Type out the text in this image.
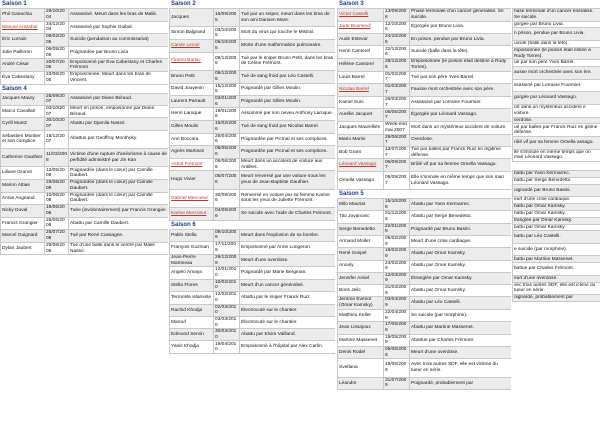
Saison 1
Phil Ganachia	28/10/2004	Assassiné. Meurt dans les bras de Malik.
Manuel Aristabal	24/12/2004	Assassiné par Sophie Guibal
Éric Lorrain	06/02/2005	Suicide (pendaison au commissariat)
Julie Pailleron	06/05/2005	Poignardée par Bruno Livia
André César	20/07/2005	Empoisonné par Éva Cabestany et Charles Frémont
Éva Cabestany	23/08/2005	Empoisonnée. Meurt dans les bras de Vincent.
Saison 4
Jacques Maury	26/09/2007	Assassiné par Diane Béraud.
Marco Cavallari	03/10/2007	Meurt en prison, empoisonné par Diane Béraud.
Cyrill Muntz	30/10/2007	Abattu par Djamila Nassri.
Sébastien Montier et son complice	18/12/2007	Abattus par Geoffroy Monthoky.
Catherine Gauthier	11/03/2008	Victime d'une rupture d'anévrisme à cause de perfidité administré par Jin Kan
Liliane Granot	12/05/2008	Poignardée (dans le cœur) par Camille Daubert.
Marion Attias	29/05/2008	Poignardée (dans le cœur) par Camille Daubert.
Annie Angeaud	10/06/2008	Poignardée (dans le cœur) par Camille Daubert.
Nicky Duval	18/06/2008	Tuée (involontairement) par Francis Grangier.
Francis Grangier	26/06/2008	Abattu par Camille Daubert.
Marcel Guignard	25/07/2008	Tué par René Cassagne.
Dylan Jaubert	29/08/2008	Tué d'une balle dans le ventre par Malik Nassri.
Saison 2
Jacques	16/09/2005	Tué par un sniper, meurt dans les bras de son ami Damien Mare.
Simon Balgrand	03/10/2005	Mort du virus qui touche le Mistral.
Carole Lenoir	06/10/2005	Morte d'une malformation pulmonaire.
Florent Barlac	09/12/2005	Tué par le sniper Bruno Petit, dans les bras de Céline Frémont.
Bruno Petit	09/12/2005	Tué de sang froid par Léo Castelli.
David Jouvenin	15/12/2005	Poignardé par Gilles Moulin.
Laurent Parrault	03/01/2006	Poignardé par Gilles Moulin.
Henri Laroque	19/01/2006	Assommé par son neveu Anthony Laroque.
Gilles Moulin	15/02/2006	Tué de sang froid par Nicolas Barrel.
Ann Boccara	28/04/2006	Poignardée par Picmal et ses complices.
Agnès Martinez	05/05/2006	Poignardée par Picmal et ses complices.
Astrid Frémont	06/06/2006	Meurt dans un accident de voiture aux Antilles.
Hugo Vivier	05/07/2006	Meurt renversé par une voiture sous les yeux de Jean-Baptiste Gauthier.
Gabriel Mercoeur	30/08/2006	Renversé en voiture par sa femme Karine sous les yeux de Juliette Frémont
Karine Mercoeur	04/09/2006	Se suicide avec l'aide de Charles Frémont.
Saison 6
Pablo Stella	09/10/2009	Meurt dans l'explosion de sa bombe.
François Guzman	17/11/2009	Empoisonné par Anne Longeron.
Jean-Pierre Martineau	29/12/2009	Meurt d'une overdose.
Angelo Amaya	12/01/2010	Poignardé par Marie Bergman.
Stella Flores	10/02/2010	Meurt d'un cancer généralisé.
Terroriste islamiste	12/02/2010	Abattu par le sniper Franck Ruiz.
Rachid Khodja	02/03/2010	Électrocuté sur le chantier.
Marouf	03/03/2010	Électrocuté sur le chantier.
Edmond Servin	30/03/2010	Abattu par Elvire Vailland.
Yanis Khodja	19/04/2010	Empoisonné à l'hôpital par Alex Carlin.
Saison 3
Victor Castelli	13/09/2006	Phase terminale d'un cancer généralisé. Se suicide.
Jade Bourseuil	12/10/2006	Égorgée par Bruno Livia.
Aude Estevar	24/10/2006	En prison, pendue par Bruno Livia.
Henri Cantorel	22/12/2006	Suicide (balle dans la tête).
Hélène Cantorel	28/12/2006	Empoisonnée (le poison était destiné à Rudy Torres).
Louis Barrel	01/02/2007	Tué par son père Yves Barrel.
Nicolas Barrel	01/03/2007	Fausse mort orchestrée avec son père.
Kamel Suni	26/03/2007	Assassiné par Lorraine Fourmier.
Aurélie Jacquet	05/05/2007	Égorgée par Léonard Vassago.
Jacques Maurelliès	Week-end mai 2007	Mort dans un mystérieux accident de voiture.
Mario Marini	29/06/2007	Overdose.
Bob Grant	13/07/2007	Tué par balles par Franck Ruiz en légitime défense.
Léonard Vassago	06/09/2007	Brûlé vif par sa femme Ornella Vassago.
Ornella Vassago	06/09/2007	Elle s'immole en même temps que son mari Léonard Vassago.
Saison 5
Milo Mauriat	15/10/2008	Abattu par Yann Kermarrec.
Tito Jovanovic	31/12/2008	Abattu par Serge Benedetto.
Serge Benedetto	22/01/2009	Poignardé par Bruno Basini.
Armand Mollet	05/02/2009	Meurt d'une crise cardiaque.
René Sospel	18/02/2009	Abattu par Omar Kamsky.
Anouly	24/02/2009	Abattu par Omar Kamsky.
Jennifer Amiel	12/03/2009	Étranglée par Omar Kamsky.
Boris Jelic	31/03/2009	Abattu par Omar Kamsky.
Jérôme Evenot (Omar Kamsky)	03/04/2009	Abattu par Léo Castelli.
Matthieu Keller	22/04/2009	Se suicide (par morphine).
Jean Lissajoux	17/05/2009	Abattu par Martine Massenet.
Martine Massenet	19/05/2009	Abattue par Charles Frémont.
Denis Rodel	05/06/2009	Meurt d'une overdose.
Svetlana	18/06/2009	Avec trois autres SDF, elle est victime du tueur en série.
Léandre	31/07/2009	Poignardé, probablement par
hase terminale d'un cancer énéralisé. Se suicide.
gorgée par Bruno Livia.
n prison, pendue par Bruno Livia.
uicide (balle dans la tête).
mpoisonnée (le poison était estiné à Rudy Torres).
ué par son père Yves Barrel.
ausse mort orchestrée avec son ère.
ssassiné par Lorraine Fourmier.
gorgée par Léonard Vassago.
ort dans un mystérieux accident e voiture.
verdose.
ué par balles par Franck Ruiz en gitime défense.
rûlé vif par sa femme Ornella assago.
lle s'immole en même temps que on mari Léonard Vassago.
battu par Yann Kermarrec.
battu par Serge Benedetto.
oignardé par Bruno Basini.
eurt d'une crise cardiaque.
battu par Omar Kamsky.
battu par Omar Kamsky.
tranglée par Omar Kamsky.
battu par Omar Kamsky.
battu par Léo Castelli.
e suicide (par morphine).
battu par Martine Massenet.
battue par Charles Frémont.
eurt d'une overdose.
vec trois autres SDF, elle est ictime du tueur en série.
oignardé, probablement par
